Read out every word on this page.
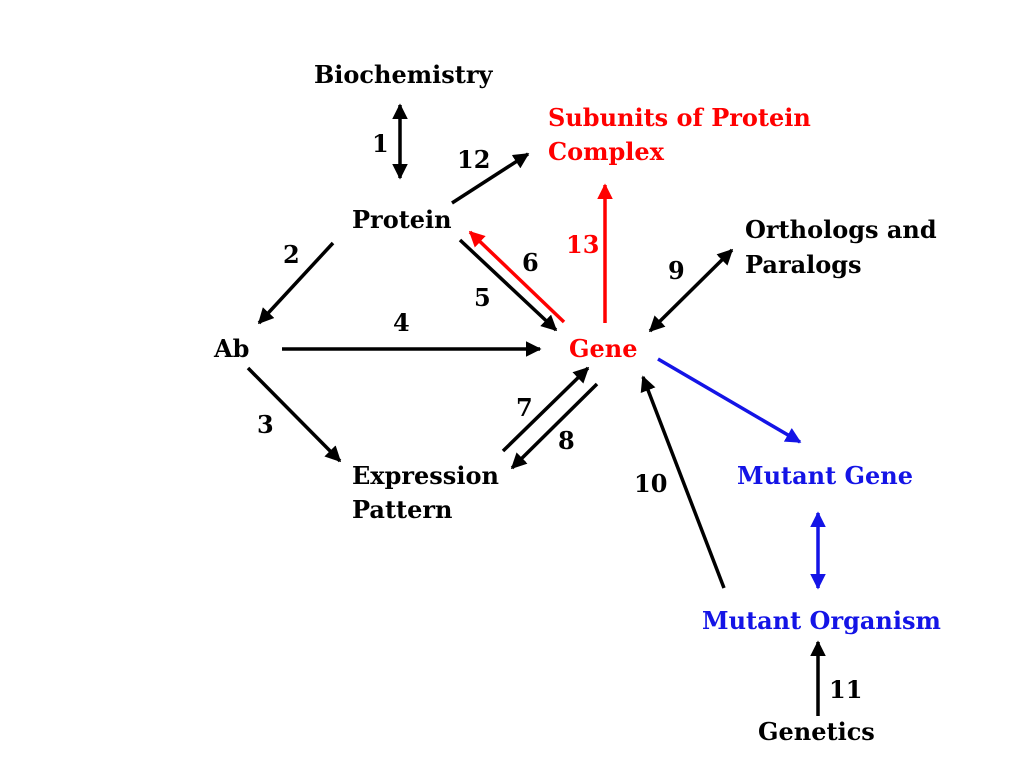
Biochemistry
Subunits of Protein
Complex
Protein	Orthologs and
Paralogs
Ab	Gene
Expression
Pattern
Mutant Gene
Mutant Organism
Genetics
1
12
2	13
6	9
5
4
7
3
8
10
11
